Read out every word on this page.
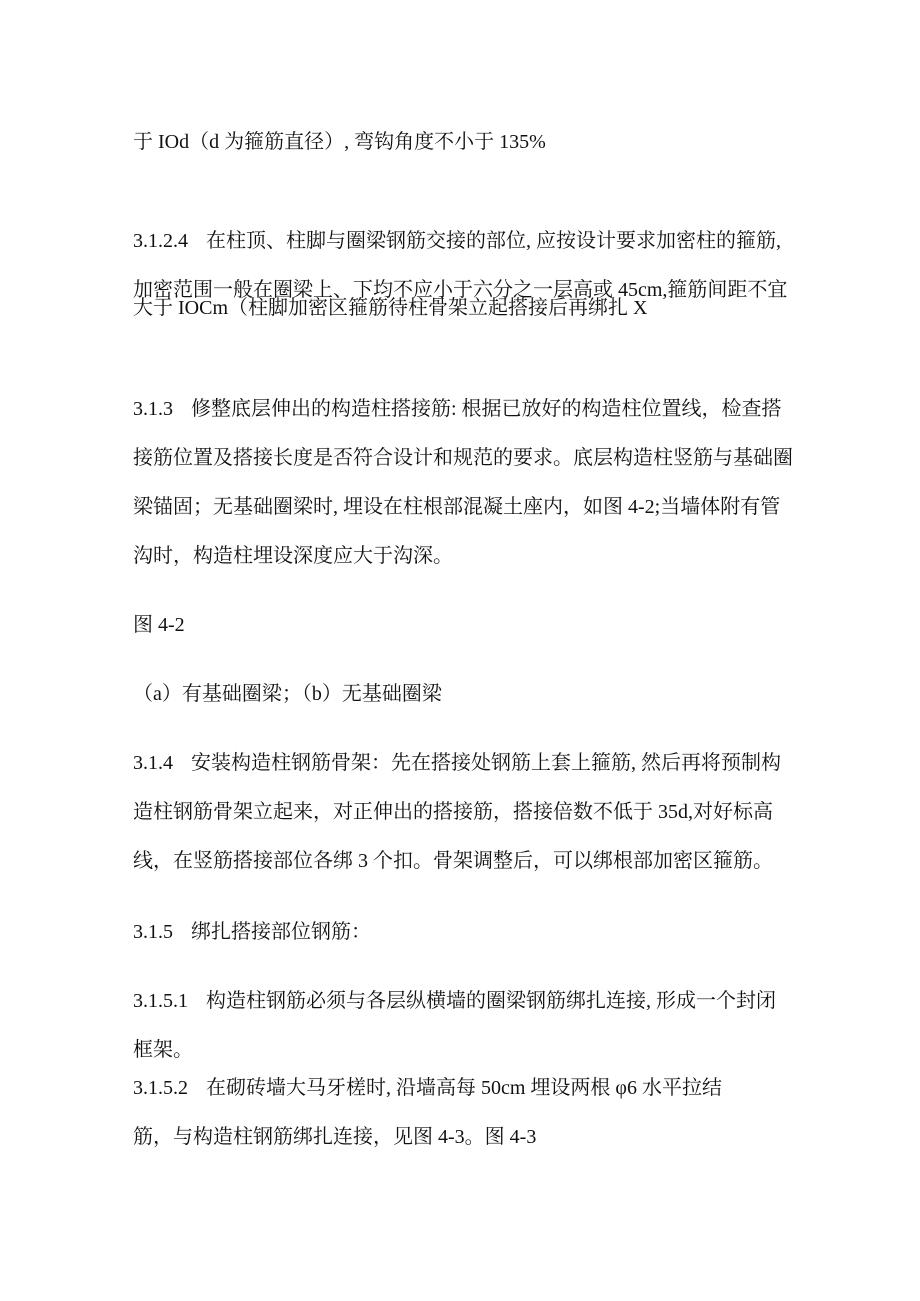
于 IOd（d 为箍筋直径）, 弯钩角度不小于 135%
3.1.2.4 在柱顶、柱脚与圈梁钢筋交接的部位, 应按设计要求加密柱的箍筋,
加密范围一般在圈梁上、下均不应小于六分之一层高或 45cm,箍筋间距不宜
大于 IOCm（柱脚加密区箍筋待柱骨架立起搭接后再绑扎 X
3.1.3 修整底层伸出的构造柱搭接筋: 根据已放好的构造柱位置线，检查搭
接筋位置及搭接长度是否符合设计和规范的要求。底层构造柱竖筋与基础圈
梁锚固；无基础圈梁时, 埋设在柱根部混凝土座内，如图 4-2;当墙体附有管
沟时，构造柱埋设深度应大于沟深。
图 4-2
（a）有基础圈梁；（b）无基础圈梁
3.1.4 安装构造柱钢筋骨架：先在搭接处钢筋上套上箍筋, 然后再将预制构
造柱钢筋骨架立起来，对正伸出的搭接筋，搭接倍数不低于 35d,对好标高
线，在竖筋搭接部位各绑 3 个扣。骨架调整后，可以绑根部加密区箍筋。
3.1.5 绑扎搭接部位钢筋：
3.1.5.1 构造柱钢筋必须与各层纵横墙的圈梁钢筋绑扎连接, 形成一个封闭
框架。
3.1.5.2 在砌砖墙大马牙槎时, 沿墙高每 50cm 埋设两根 φ6 水平拉结
筋，与构造柱钢筋绑扎连接，见图 4-3。图 4-3
